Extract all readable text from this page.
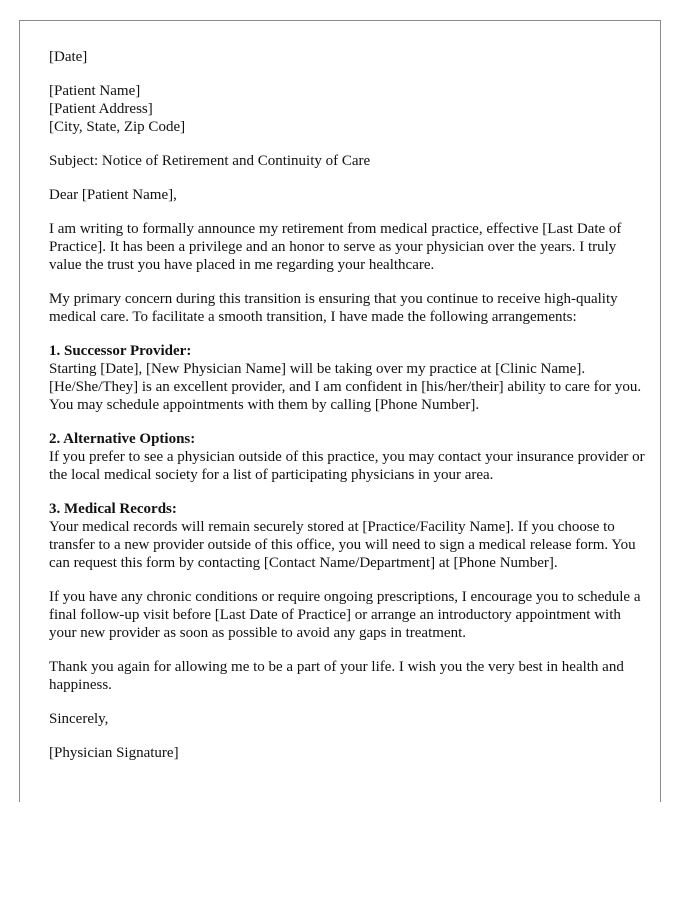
[Date]

[Patient Name]
[Patient Address]
[City, State, Zip Code]

Subject: Notice of Retirement and Continuity of Care

Dear [Patient Name],

I am writing to formally announce my retirement from medical practice, effective [Last Date of Practice]. It has been a privilege and an honor to serve as your physician over the years. I truly value the trust you have placed in me regarding your healthcare.

My primary concern during this transition is ensuring that you continue to receive high-quality medical care. To facilitate a smooth transition, I have made the following arrangements:

1. Successor Provider:
Starting [Date], [New Physician Name] will be taking over my practice at [Clinic Name]. [He/She/They] is an excellent provider, and I am confident in [his/her/their] ability to care for you. You may schedule appointments with them by calling [Phone Number].

2. Alternative Options:
If you prefer to see a physician outside of this practice, you may contact your insurance provider or the local medical society for a list of participating physicians in your area.

3. Medical Records:
Your medical records will remain securely stored at [Practice/Facility Name]. If you choose to transfer to a new provider outside of this office, you will need to sign a medical release form. You can request this form by contacting [Contact Name/Department] at [Phone Number].

If you have any chronic conditions or require ongoing prescriptions, I encourage you to schedule a final follow-up visit before [Last Date of Practice] or arrange an introductory appointment with your new provider as soon as possible to avoid any gaps in treatment.

Thank you again for allowing me to be a part of your life. I wish you the very best in health and happiness.

Sincerely,

[Physician Signature]
